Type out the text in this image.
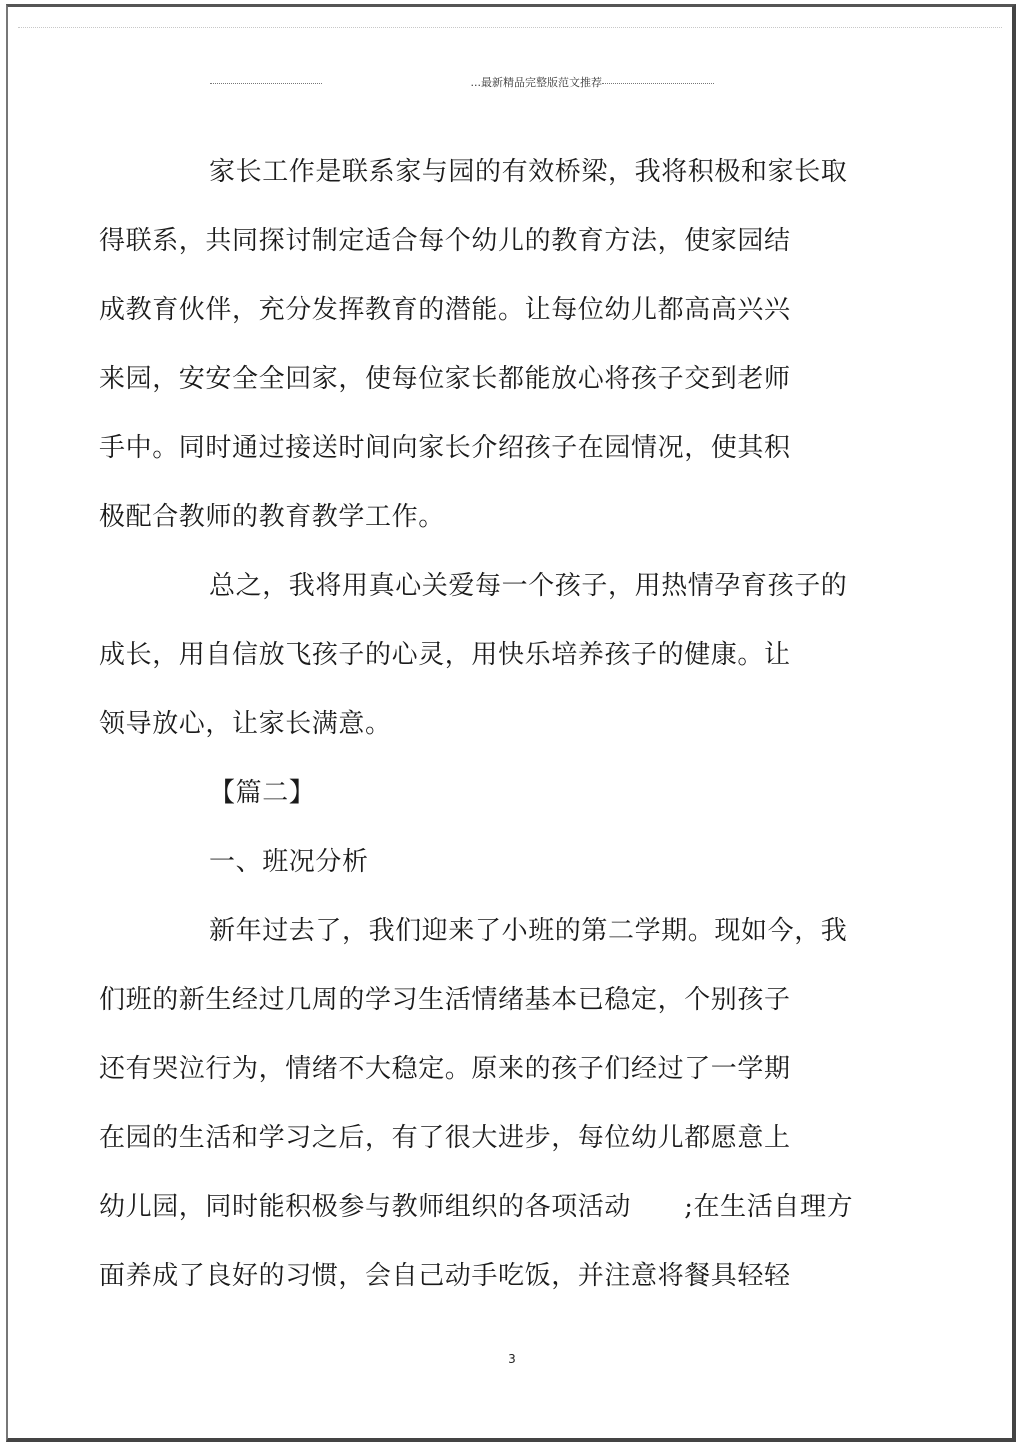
...最新精品完整版范文推荐

家长工作是联系家与园的有效桥梁，我将积极和家长取
得联系，共同探讨制定适合每个幼儿的教育方法，使家园结
成教育伙伴，充分发挥教育的潜能。让每位幼儿都高高兴兴
来园，安安全全回家，使每位家长都能放心将孩子交到老师
手中。同时通过接送时间向家长介绍孩子在园情况，使其积
极配合教师的教育教学工作。

总之，我将用真心关爱每一个孩子，用热情孕育孩子的
成长，用自信放飞孩子的心灵，用快乐培养孩子的健康。让
领导放心，让家长满意。

【篇二】

一、班况分析

新年过去了，我们迎来了小班的第二学期。现如今，我
们班的新生经过几周的学习生活情绪基本已稳定，个别孩子
还有哭泣行为，情绪不大稳定。原来的孩子们经过了一学期
在园的生活和学习之后，有了很大进步，每位幼儿都愿意上
幼儿园，同时能积极参与教师组织的各项活动　　;在生活自理方
面养成了良好的习惯，会自己动手吃饭，并注意将餐具轻轻

3
